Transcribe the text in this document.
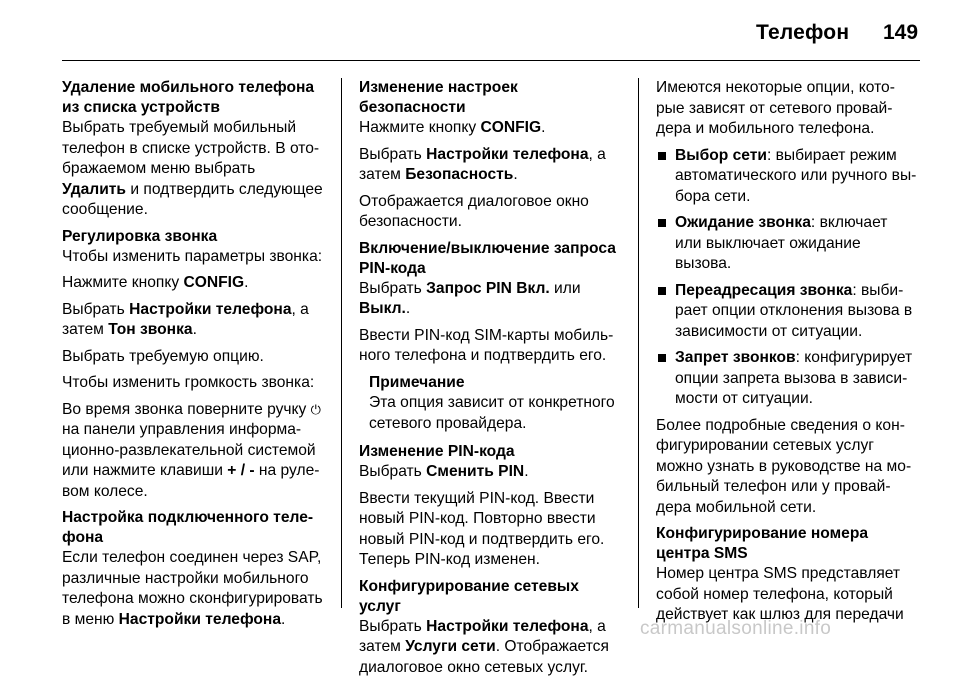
Телефон 149
Удаление мобильного телефона из списка устройств

Выбрать требуемый мобильный телефон в списке устройств. В отображаемом меню выбрать
Удалить и подтвердить следующее сообщение.

Регулировка звонка

Чтобы изменить параметры звонка:

Нажмите кнопку CONFIG.

Выбрать Настройки телефона, а затем Тон звонка.

Выбрать требуемую опцию.

Чтобы изменить громкость звонка:

Во время звонка поверните ручку ⏻ на панели управления информационно-развлекательной системой или нажмите клавиши + / - на рулевом колесе.

Настройка подключенного телефона

Если телефон соединен через SAP, различные настройки мобильного телефона можно сконфигурировать в меню Настройки телефона.

Изменение настроек безопасности

Нажмите кнопку CONFIG.

Выбрать Настройки телефона, а затем Безопасность.

Отображается диалоговое окно безопасности.

Включение/выключение запроса PIN-кода

Выбрать Запрос PIN Вкл. или
Выкл..

Ввести PIN-код SIM-карты мобильного телефона и подтвердить его.

Примечание
Эта опция зависит от конкретного сетевого провайдера.
Изменение PIN-кода

Выбрать Сменить PIN.

Ввести текущий PIN-код. Ввести новый PIN-код. Повторно ввести новый PIN-код и подтвердить его. Теперь PIN-код изменен.

Конфигурирование сетевых услуг

Выбрать Настройки телефона, а затем Услуги сети. Отображается диалоговое окно сетевых услуг.

Имеются некоторые опции, которые зависят от сетевого провайдера и мобильного телефона.

Выбор сети: выбирает режим автоматического или ручного выбора сети.
Ожидание звонка: включает или выключает ожидание вызова.
Переадресация звонка: выбирает опции отклонения вызова в зависимости от ситуации.
Запрет звонков: конфигурирует опции запрета вызова в зависимости от ситуации.

Более подробные сведения о конфигурировании сетевых услуг можно узнать в руководстве на мобильный телефон или у провайдера мобильной сети.

Конфигурирование номера центра SMS

Номер центра SMS представляет собой номер телефона, который действует как шлюз для передачи

carmanualsonline.info
